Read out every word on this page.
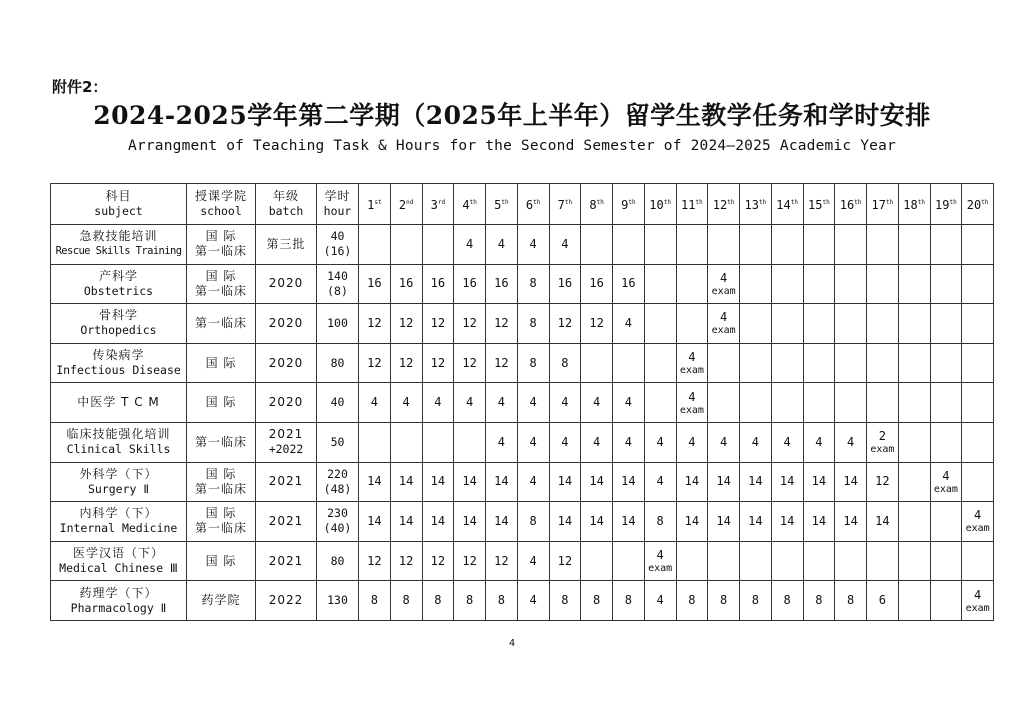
附件2：
2024-2025学年第二学期（2025年上半年）留学生教学任务和学时安排
Arrangment of Teaching Task & Hours for the Second Semester of 2024—2025 Academic Year
科目
subject	授课学院
school	年级
batch	学时
hour	1st	2nd	3rd	4th	5th	6th	7th	8th	9th	10th	11th	12th	13th	14th	15th	16th	17th	18th	19th	20th

急救技能培训
Rescue Skills Training	国 际
第一临床	第三批	40
(16)				4	4	4	4													

产科学
Obstetrics	国 际
第一临床	2020	140
(8)	16	16	16	16	16	8	16	16	16			4
exam								

骨科学
Orthopedics	第一临床	2020	100	12	12	12	12	12	8	12	12	4			4
exam								

传染病学
Infectious Disease	国 际	2020	80	12	12	12	12	12	8	8				4
exam									

中医学 T C M	国 际	2020	40	4	4	4	4	4	4	4	4	4		4
exam									

临床技能强化培训
Clinical Skills	第一临床	2021
+2022	50					4	4	4	4	4	4	4	4	4	4	4	4	2
exam			

外科学（下）
Surgery Ⅱ	国 际
第一临床	2021	220
(48)	14	14	14	14	14	4	14	14	14	4	14	14	14	14	14	14	12		4
exam	

内科学（下）
Internal Medicine	国 际
第一临床	2021	230
(40)	14	14	14	14	14	8	14	14	14	8	14	14	14	14	14	14	14			4
exam

医学汉语（下）
Medical Chinese Ⅲ	国 际	2021	80	12	12	12	12	12	4	12			4
exam										

药理学（下）
Pharmacology Ⅱ	药学院	2022	130	8	8	8	8	8	4	8	8	8	4	8	8	8	8	8	8	6			4
exam
4
